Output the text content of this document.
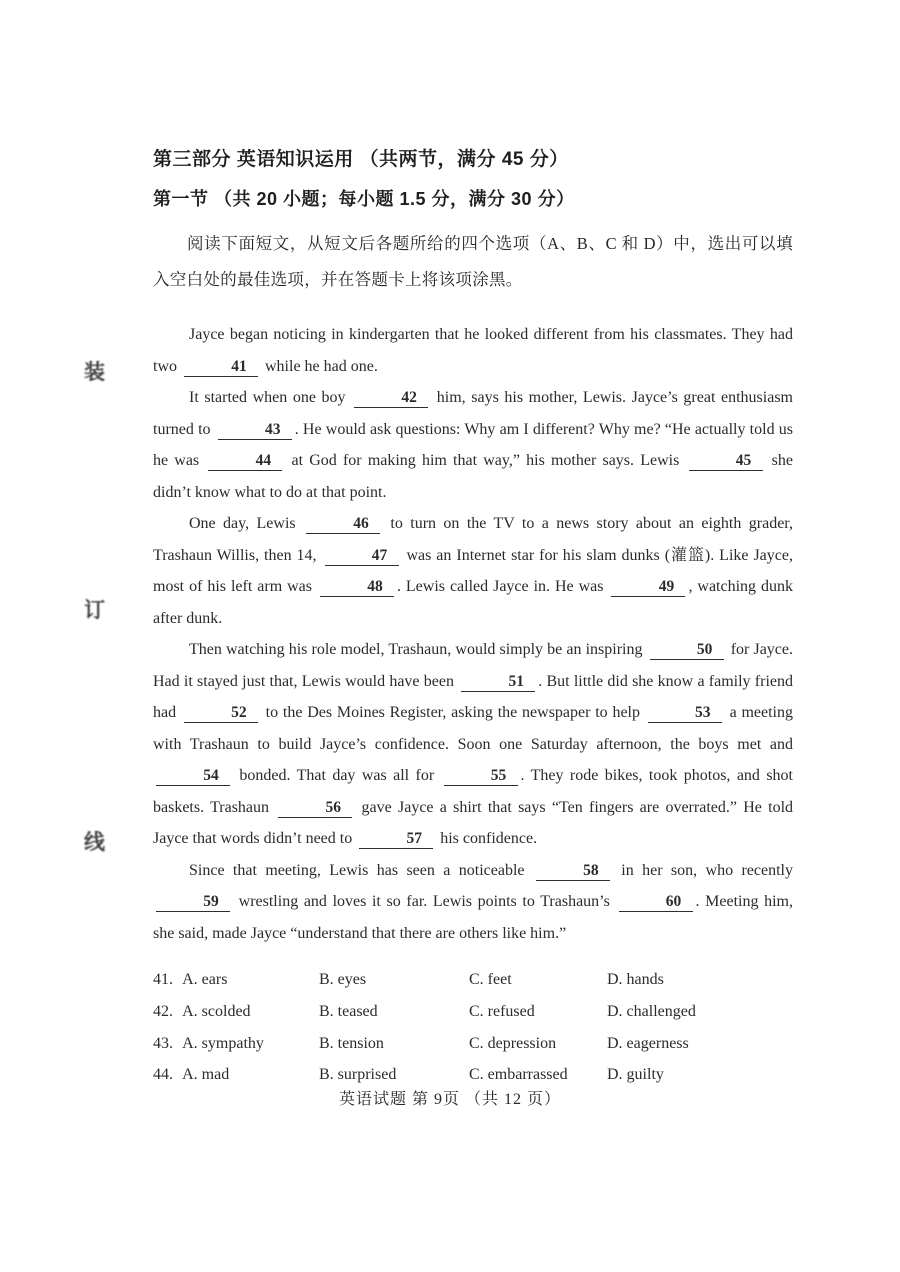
装
订
线
第三部分 英语知识运用 （共两节，满分 45 分）
第一节 （共 20 小题；每小题 1.5 分，满分 30 分）
阅读下面短文，从短文后各题所给的四个选项（A、B、C 和 D）中，选出可以填入空白处的最佳选项，并在答题卡上将该项涂黑。

Jayce began noticing in kindergarten that he looked different from his classmates. They had two	41 while he had one.

It started when one boy	42 him, says his mother, Lewis. Jayce’s great enthusiasm turned to	43 . He would ask questions: Why am I different? Why me? “He actually told us he was	44 at God for making him that way,” his mother says. Lewis	45 she didn’t know what to do at that point.

One day, Lewis	46 to turn on the TV to a news story about an eighth grader, Trashaun Willis, then 14,	47 was an Internet star for his slam dunks (灌篮). Like Jayce, most of his left arm was	48 . Lewis called Jayce in. He was	49 , watching dunk after dunk.

Then watching his role model, Trashaun, would simply be an inspiring	50 for Jayce. Had it stayed just that, Lewis would have been	51 . But little did she know a family friend had	52 to the Des Moines Register, asking the newspaper to help	53 a meeting with Trashaun to build Jayce’s confidence. Soon one Saturday afternoon, the boys met and 54 bonded. That day was all for	55 . They rode bikes, took photos, and shot baskets. Trashaun	56 gave Jayce a shirt that says “Ten fingers are overrated.” He told Jayce that words didn’t need to	57 his confidence.

Since that meeting, Lewis has seen a noticeable	58 in her son, who recently 59 wrestling and loves it so far. Lewis points to Trashaun’s	60 . Meeting him, she said, made Jayce “understand that there are others like him.”

41. A. ears	B. eyes	C. feet	D. hands
42. A. scolded	B. teased	C. refused	D. challenged
43. A. sympathy	B. tension	C. depression	D. eagerness
44. A. mad	B. surprised	C. embarrassed	D. guilty
英语试题 第 9页 （共 12 页）
